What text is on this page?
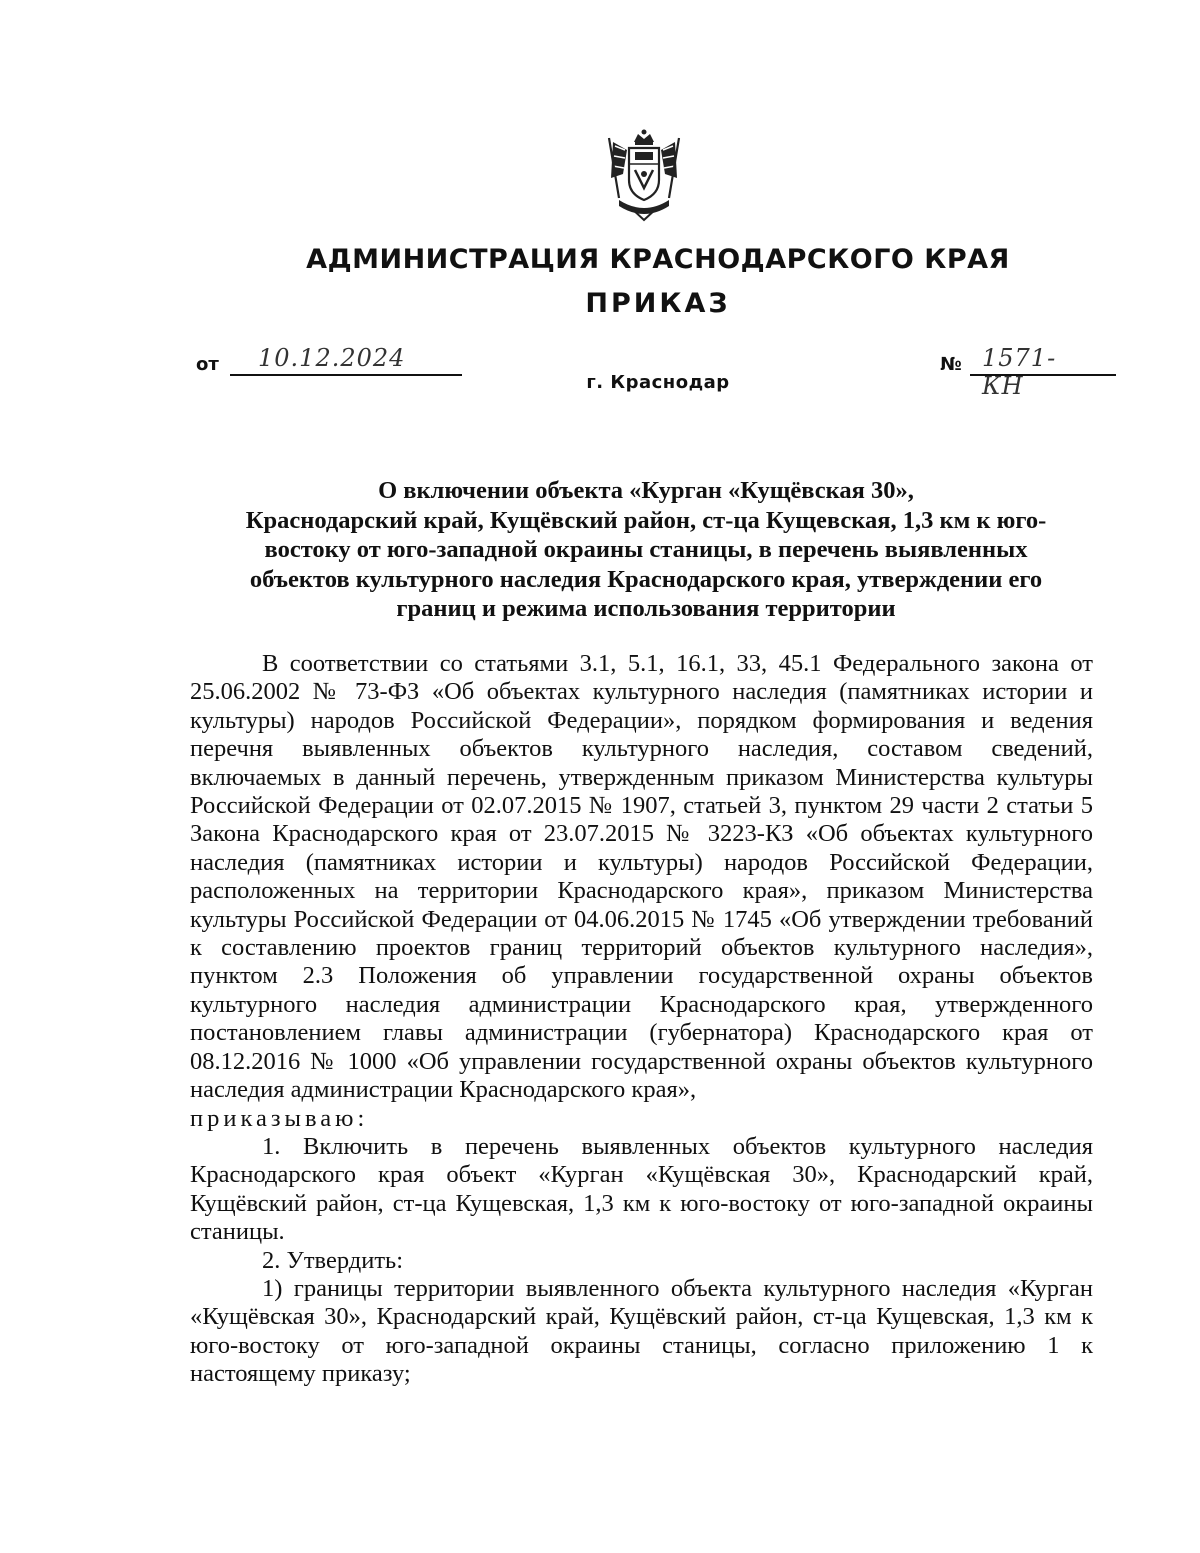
АДМИНИСТРАЦИЯ КРАСНОДАРСКОГО КРАЯ
ПРИКАЗ
от 10.12.2024	№ 1571-КН
г. Краснодар
О включении объекта «Курган «Кущёвская 30»,
Краснодарский край, Кущёвский район, ст-ца Кущевская, 1,3 км к юго-
востоку от юго-западной окраины станицы, в перечень выявленных
объектов культурного наследия Краснодарского края, утверждении его
границ и режима использования территории

В соответствии со статьями 3.1, 5.1, 16.1, 33, 45.1 Федерального закона от 25.06.2002 № 73-ФЗ «Об объектах культурного наследия (памятниках истории и культуры) народов Российской Федерации», порядком формирования и ведения перечня выявленных объектов культурного наследия, составом сведений, включаемых в данный перечень, утвержденным приказом Министерства культуры Российской Федерации от 02.07.2015 № 1907, статьей 3, пунктом 29 части 2 статьи 5 Закона Краснодарского края от 23.07.2015 № 3223-КЗ «Об объектах культурного наследия (памятниках истории и культуры) народов Российской Федерации, расположенных на территории Краснодарского края», приказом Министерства культуры Российской Федерации от 04.06.2015 № 1745 «Об утверждении требований к составлению проектов границ территорий объектов культурного наследия», пунктом 2.3 Положения об управлении государственной охраны объектов культурного наследия администрации Краснодарского края, утвержденного постановлением главы администрации (губернатора) Краснодарского края от 08.12.2016 № 1000 «Об управлении государственной охраны объектов культурного наследия администрации Краснодарского края»,

приказываю:

1. Включить в перечень выявленных объектов культурного наследия Краснодарского края объект «Курган «Кущёвская 30», Краснодарский край, Кущёвский район, ст-ца Кущевская, 1,3 км к юго-востоку от юго-западной окраины станицы.

2. Утвердить:

1) границы территории выявленного объекта культурного наследия «Курган «Кущёвская 30», Краснодарский край, Кущёвский район, ст-ца Кущевская, 1,3 км к юго-востоку от юго-западной окраины станицы, согласно приложению 1 к настоящему приказу;
